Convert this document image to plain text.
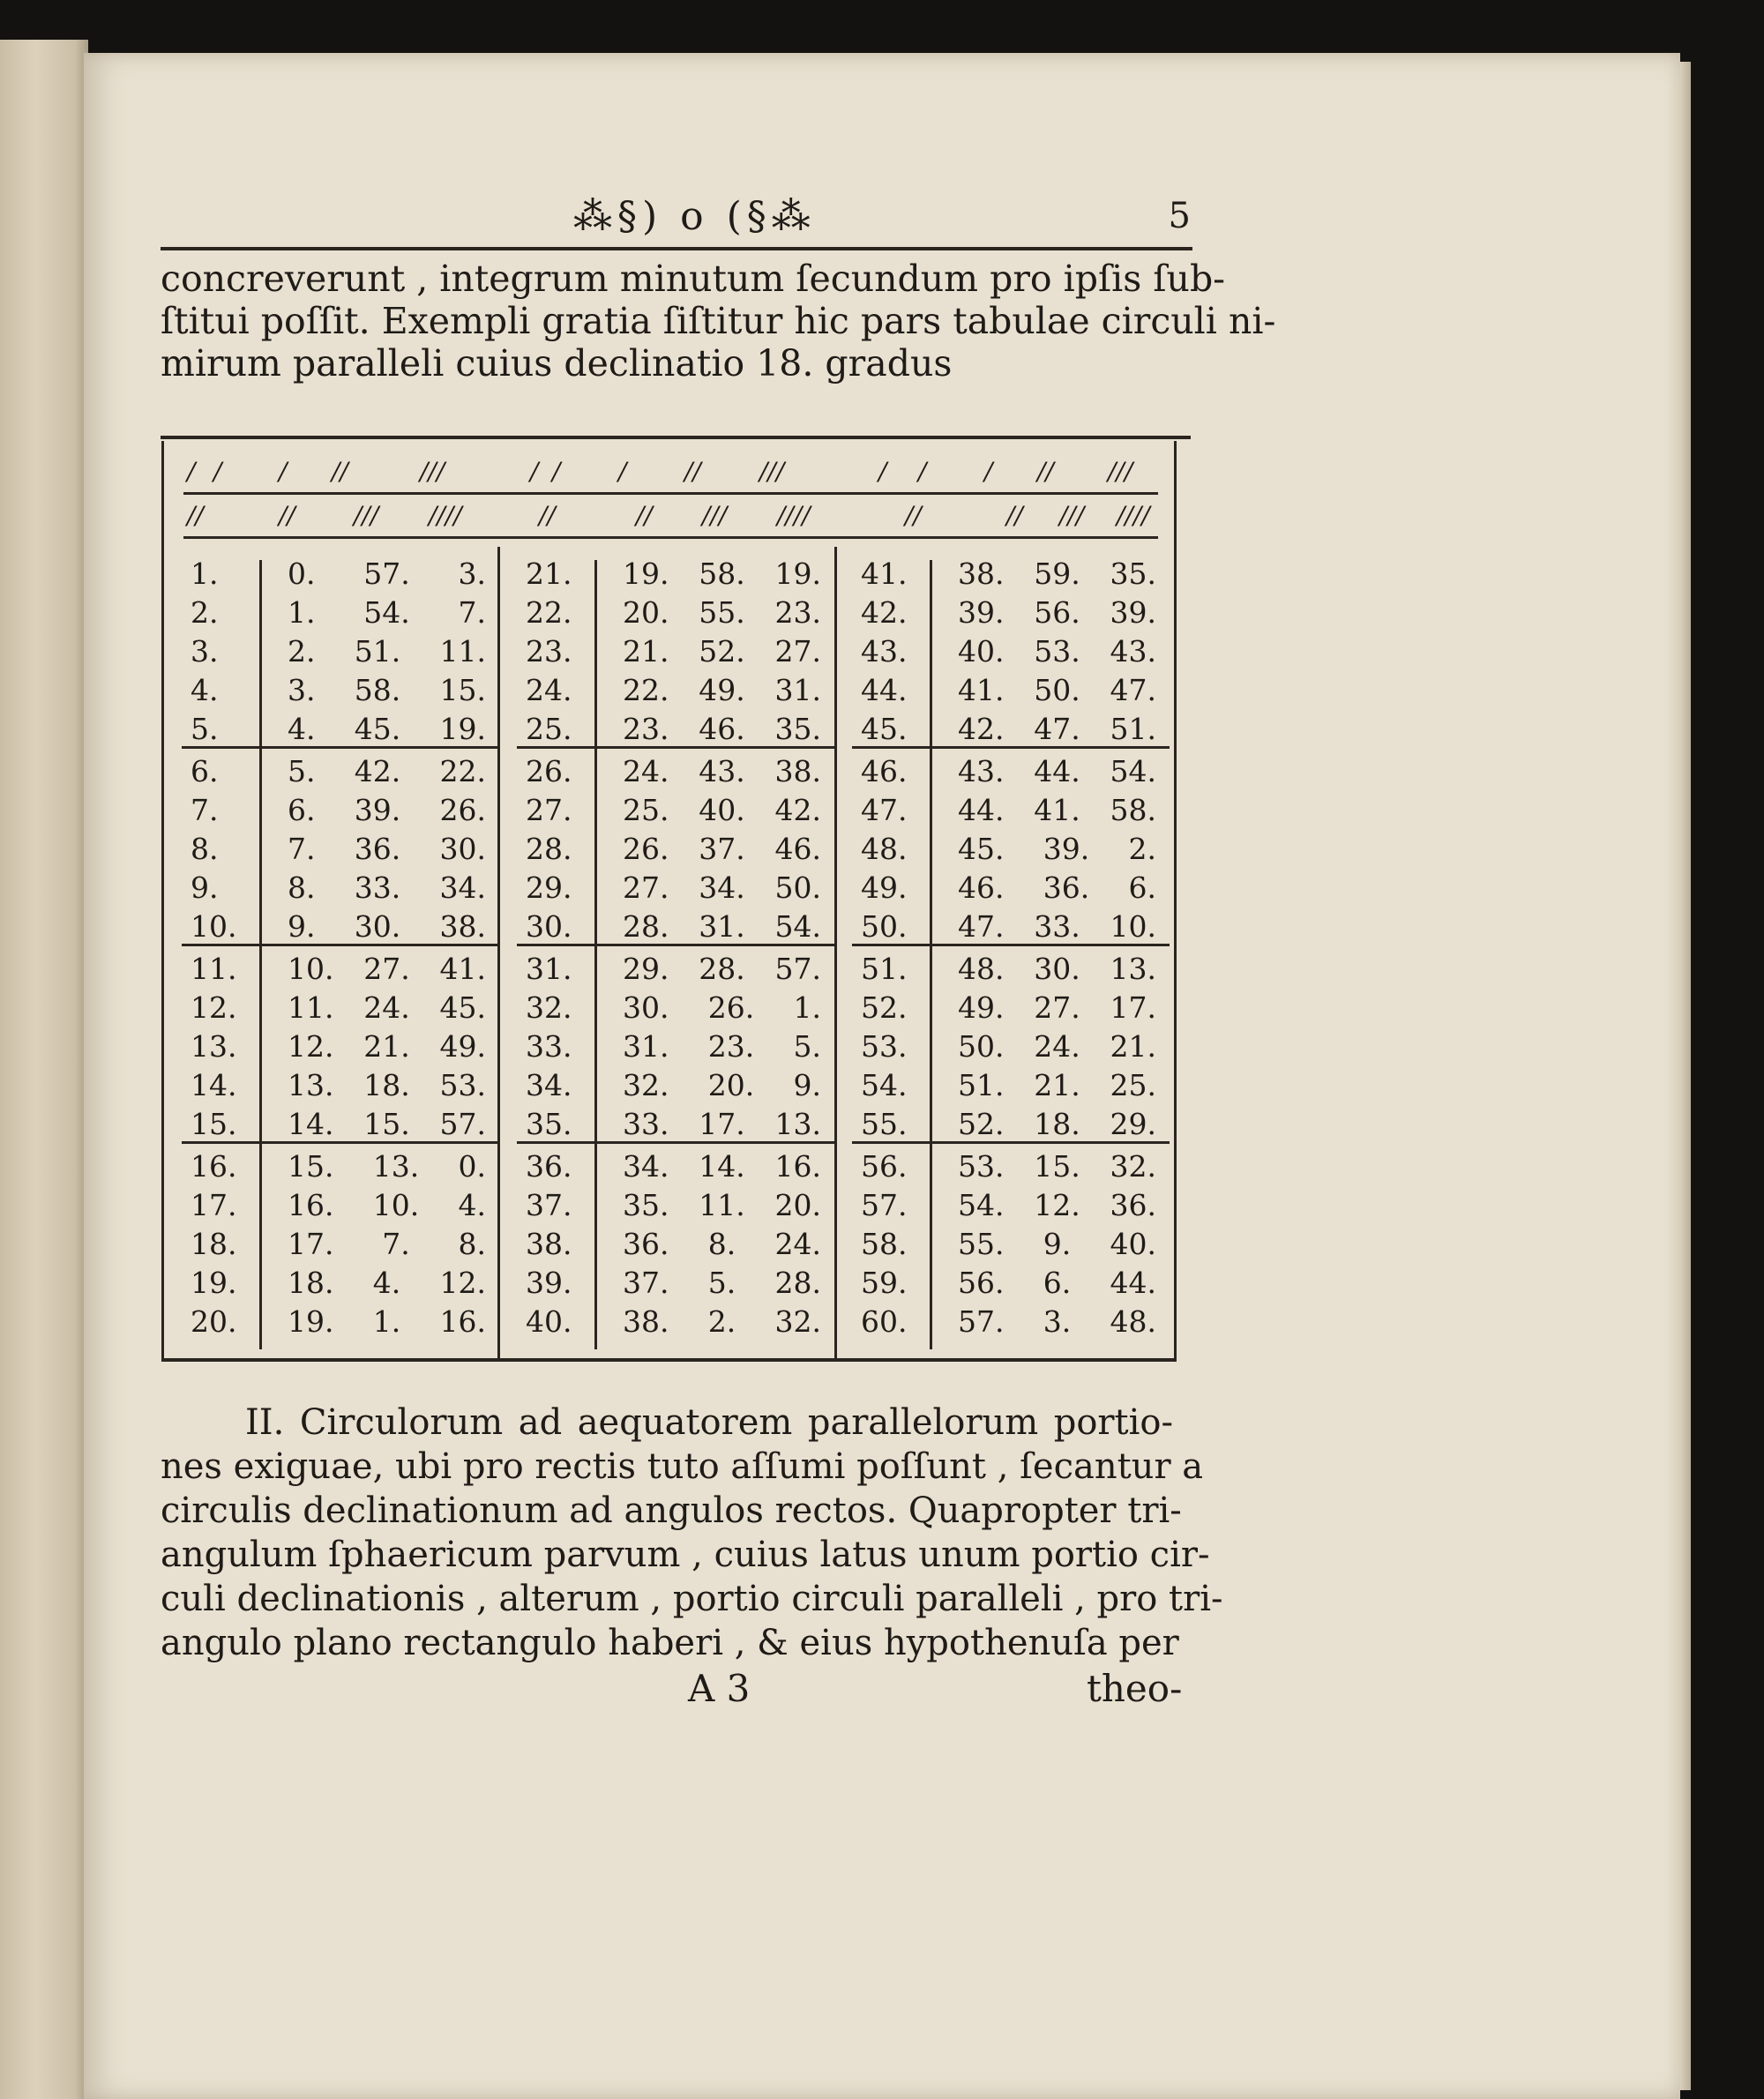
⁂§) o (§⁂	5
concreverunt , integrum minutum ſecundum pro ipſis ſub-
ſtitui poſſit. Exempli gratia ſiſtitur hic pars tabulae circuli ni-
mirum paralleli cuius declinatio 18. gradus
/ / / //	///	/ / / // ///	/ / / // ///
//	// /// ////	//	// /// ////	//	// /// ////
1.	0. 57. 3.
2.	1. 54. 7.
3.	2. 51. 11.
4.	3. 58. 15.
5.	4. 45. 19.
6.	5. 42. 22.
7.	6. 39. 26.
8.	7. 36. 30.
9.	8. 33. 34.
10.	9. 30. 38.
11.	10. 27. 41.
12.	11. 24. 45.
13.	12. 21. 49.
14.	13. 18. 53.
15.	14. 15. 57.
16.	15. 13. 0.
17.	16. 10. 4.
18.	17. 7. 8.
19.	18. 4. 12.
20.	19. 1. 16.
21.	19. 58. 19.
22.	20. 55. 23.
23.	21. 52. 27.
24.	22. 49. 31.
25.	23. 46. 35.
26.	24. 43. 38.
27.	25. 40. 42.
28.	26. 37. 46.
29.	27. 34. 50.
30.	28. 31. 54.
31.	29. 28. 57.
32.	30. 26. 1.
33.	31. 23. 5.
34.	32. 20. 9.
35.	33. 17. 13.
36.	34. 14. 16.
37.	35. 11. 20.
38.	36. 8. 24.
39.	37. 5. 28.
40.	38. 2. 32.
41.	38. 59. 35.
42.	39. 56. 39.
43.	40. 53. 43.
44.	41. 50. 47.
45.	42. 47. 51.
46.	43. 44. 54.
47.	44. 41. 58.
48.	45. 39. 2.
49.	46. 36. 6.
50.	47. 33. 10.
51.	48. 30. 13.
52.	49. 27. 17.
53.	50. 24. 21.
54.	51. 21. 25.
55.	52. 18. 29.
56.	53. 15. 32.
57.	54. 12. 36.
58.	55. 9. 40.
59.	56. 6. 44.
60.	57. 3. 48.
II. Circulorum ad aequatorem parallelorum portio-
nes exiguae, ubi pro rectis tuto aſſumi poſſunt , ſecantur a
circulis declinationum ad angulos rectos. Quapropter tri-
angulum ſphaericum parvum , cuius latus unum portio cir-
culi declinationis , alterum , portio circuli paralleli , pro tri-
angulo plano rectangulo haberi , & eius hypothenuſa per
A 3	theo-
